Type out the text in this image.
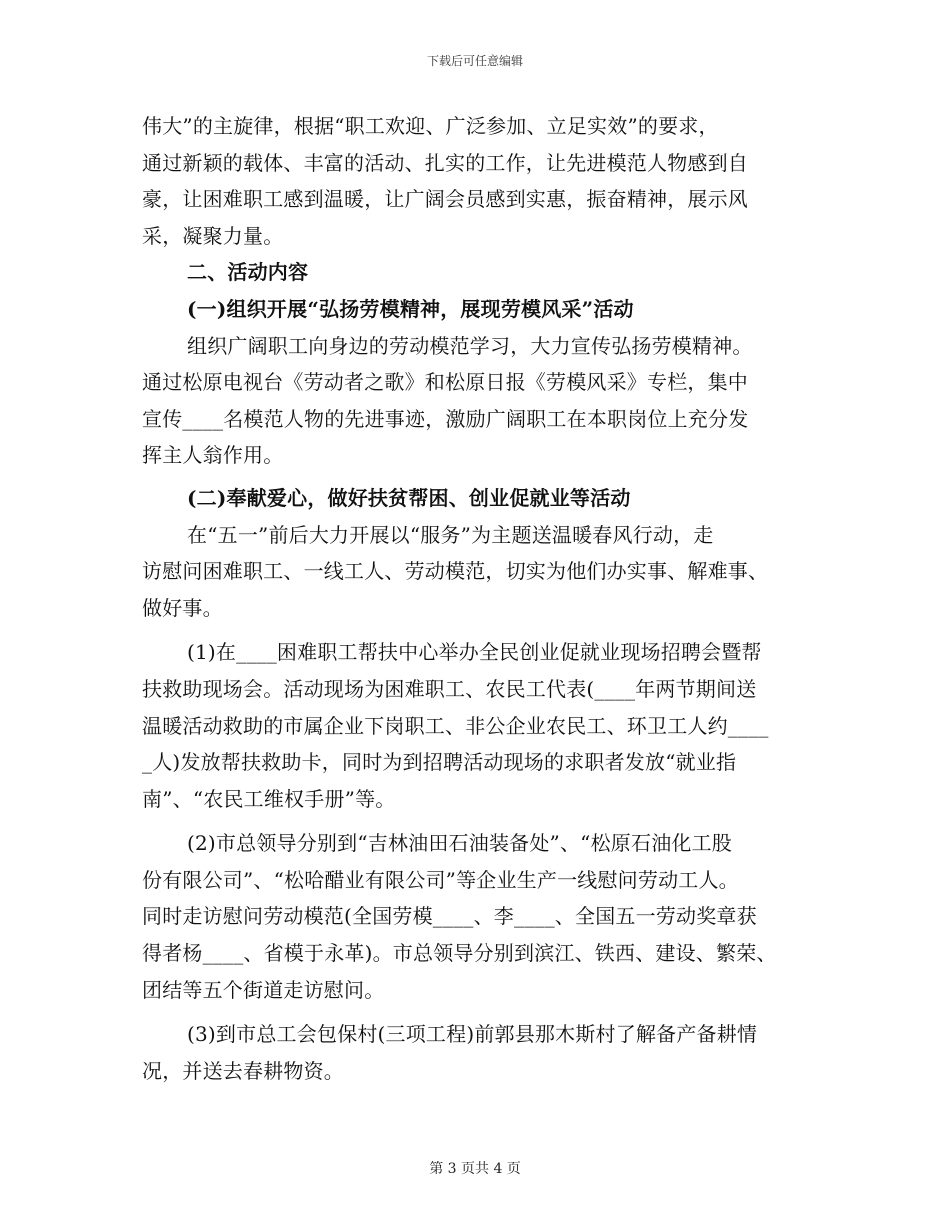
下载后可任意编辑
伟大”的主旋律，根据“职工欢迎、广泛参加、立足实效”的要求，
通过新颖的载体、丰富的活动、扎实的工作，让先进模范人物感到自
豪，让困难职工感到温暖，让广阔会员感到实惠，振奋精神，展示风
采，凝聚力量。
二、活动内容
(一)组织开展“弘扬劳模精神，展现劳模风采”活动
组织广阔职工向身边的劳动模范学习，大力宣传弘扬劳模精神。
通过松原电视台《劳动者之歌》和松原日报《劳模风采》专栏，集中
宣传____名模范人物的先进事迹，激励广阔职工在本职岗位上充分发
挥主人翁作用。
(二)奉献爱心，做好扶贫帮困、创业促就业等活动
在“五一”前后大力开展以“服务”为主题送温暖春风行动，走
访慰问困难职工、一线工人、劳动模范，切实为他们办实事、解难事、
做好事。
(1)在____困难职工帮扶中心举办全民创业促就业现场招聘会暨帮
扶救助现场会。活动现场为困难职工、农民工代表(____年两节期间送
温暖活动救助的市属企业下岗职工、非公企业农民工、环卫工人约____
_人)发放帮扶救助卡，同时为到招聘活动现场的求职者发放“就业指
南”、“农民工维权手册”等。
(2)市总领导分别到“吉林油田石油装备处”、“松原石油化工股
份有限公司”、“松哈醋业有限公司”等企业生产一线慰问劳动工人。
同时走访慰问劳动模范(全国劳模____、李____、全国五一劳动奖章获
得者杨____、省模于永革)。市总领导分别到滨江、铁西、建设、繁荣、
团结等五个街道走访慰问。
(3)到市总工会包保村(三项工程)前郭县那木斯村了解备产备耕情
况，并送去春耕物资。
第 3 页共 4 页
